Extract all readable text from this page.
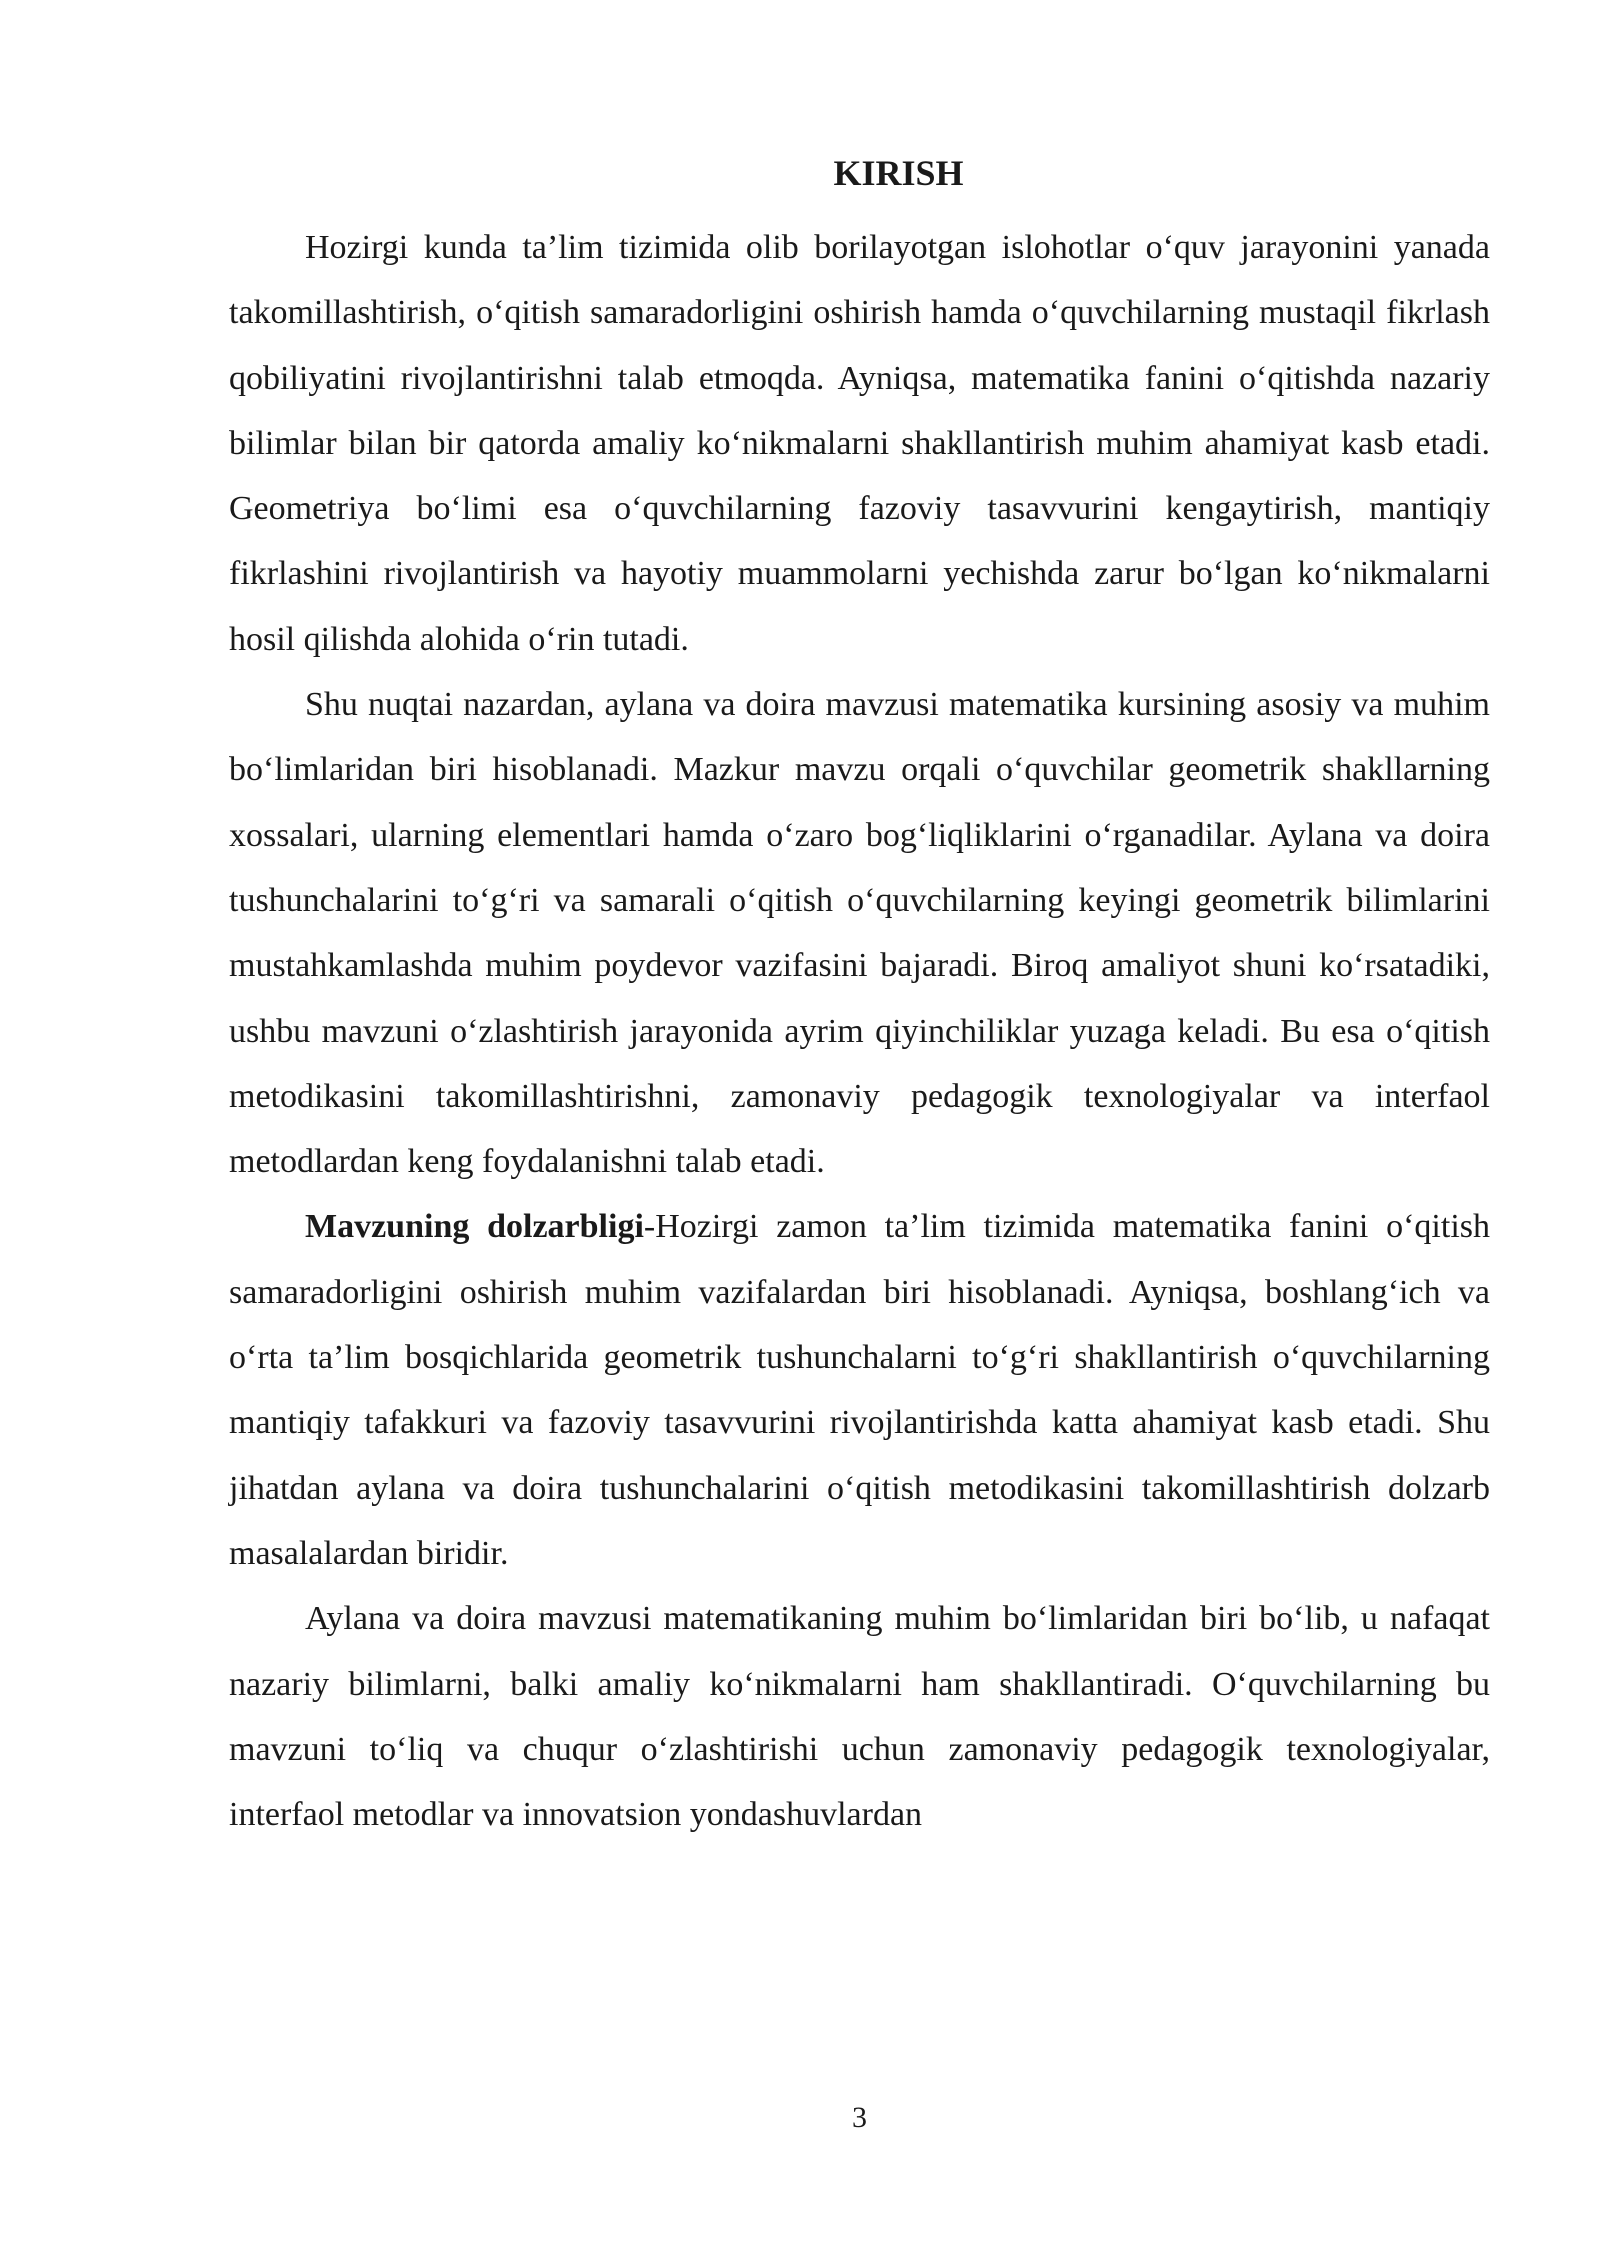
KIRISH

Hozirgi kunda ta’lim tizimida olib borilayotgan islohotlar o‘quv jarayonini yanada takomillashtirish, o‘qitish samaradorligini oshirish hamda o‘quvchilarning mustaqil fikrlash qobiliyatini rivojlantirishni talab etmoqda. Ayniqsa, matematika fanini o‘qitishda nazariy bilimlar bilan bir qatorda amaliy ko‘nikmalarni shakllantirish muhim ahamiyat kasb etadi. Geometriya bo‘limi esa o‘quvchilarning fazoviy tasavvurini kengaytirish, mantiqiy fikrlashini rivojlantirish va hayotiy muammolarni yechishda zarur bo‘lgan ko‘nikmalarni hosil qilishda alohida o‘rin tutadi.

Shu nuqtai nazardan, aylana va doira mavzusi matematika kursining asosiy va muhim bo‘limlaridan biri hisoblanadi. Mazkur mavzu orqali o‘quvchilar geometrik shakllarning xossalari, ularning elementlari hamda o‘zaro bog‘liqliklarini o‘rganadilar. Aylana va doira tushunchalarini to‘g‘ri va samarali o‘qitish o‘quvchilarning keyingi geometrik bilimlarini mustahkamlashda muhim poydevor vazifasini bajaradi. Biroq amaliyot shuni ko‘rsatadiki, ushbu mavzuni o‘zlashtirish jarayonida ayrim qiyinchiliklar yuzaga keladi. Bu esa o‘qitish metodikasini takomillashtirishni, zamonaviy pedagogik texnologiyalar va interfaol metodlardan keng foydalanishni talab etadi.

Mavzuning dolzarbligi-Hozirgi zamon ta’lim tizimida matematika fanini o‘qitish samaradorligini oshirish muhim vazifalardan biri hisoblanadi. Ayniqsa, boshlang‘ich va o‘rta ta’lim bosqichlarida geometrik tushunchalarni to‘g‘ri shakllantirish o‘quvchilarning mantiqiy tafakkuri va fazoviy tasavvurini rivojlantirishda katta ahamiyat kasb etadi. Shu jihatdan aylana va doira tushunchalarini o‘qitish metodikasini takomillashtirish dolzarb masalalardan biridir.

Aylana va doira mavzusi matematikaning muhim bo‘limlaridan biri bo‘lib, u nafaqat nazariy bilimlarni, balki amaliy ko‘nikmalarni ham shakllantiradi. O‘quvchilarning bu mavzuni to‘liq va chuqur o‘zlashtirishi uchun zamonaviy pedagogik texnologiyalar, interfaol metodlar va innovatsion yondashuvlardan

3
